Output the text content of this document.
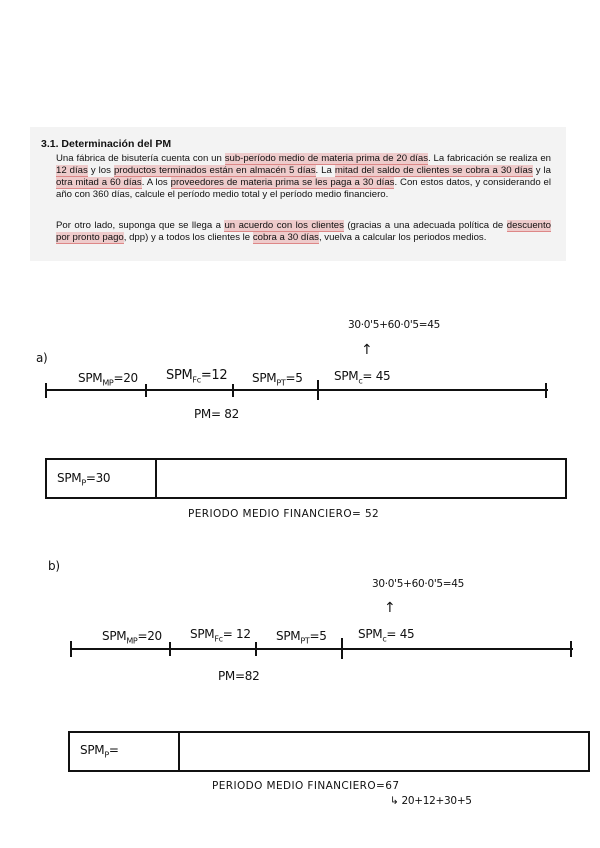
3.1. Determinación del PM
Una fábrica de bisutería cuenta con un sub-período medio de materia prima de 20 días. La fabricación se realiza en 12 días y los productos terminados están en almacén 5 días. La mitad del saldo de clientes se cobra a 30 días y la otra mitad a 60 días. A los proveedores de materia prima se les paga a 30 días. Con estos datos, y considerando el año con 360 días, calcule el período medio total y el período medio financiero.
Por otro lado, suponga que se llega a un acuerdo con los clientes (gracias a una adecuada política de descuento por pronto pago, dpp) y a todos los clientes le cobra a 30 días, vuelva a calcular los periodos medios.
a)
30·0'5+60·0'5=45
↑
$SPM_{MP}=20$ $SPM_{Fc}=12$ $SPM_{PT}=5$	$SPM_c= 45$
PM= 82
$SPM_P=30$
PERIODO MEDIO FINANCIERO= 52
b)
30·0'5+60·0'5=45
↑
$SPM_{MP}=20$ $SPM_{Fc}= 12$ $SPM_{PT}=5$	$SPM_c= 45$
PM=82
$SPM_P=$
PERIODO MEDIO FINANCIERO=67
↳ 20+12+30+5
